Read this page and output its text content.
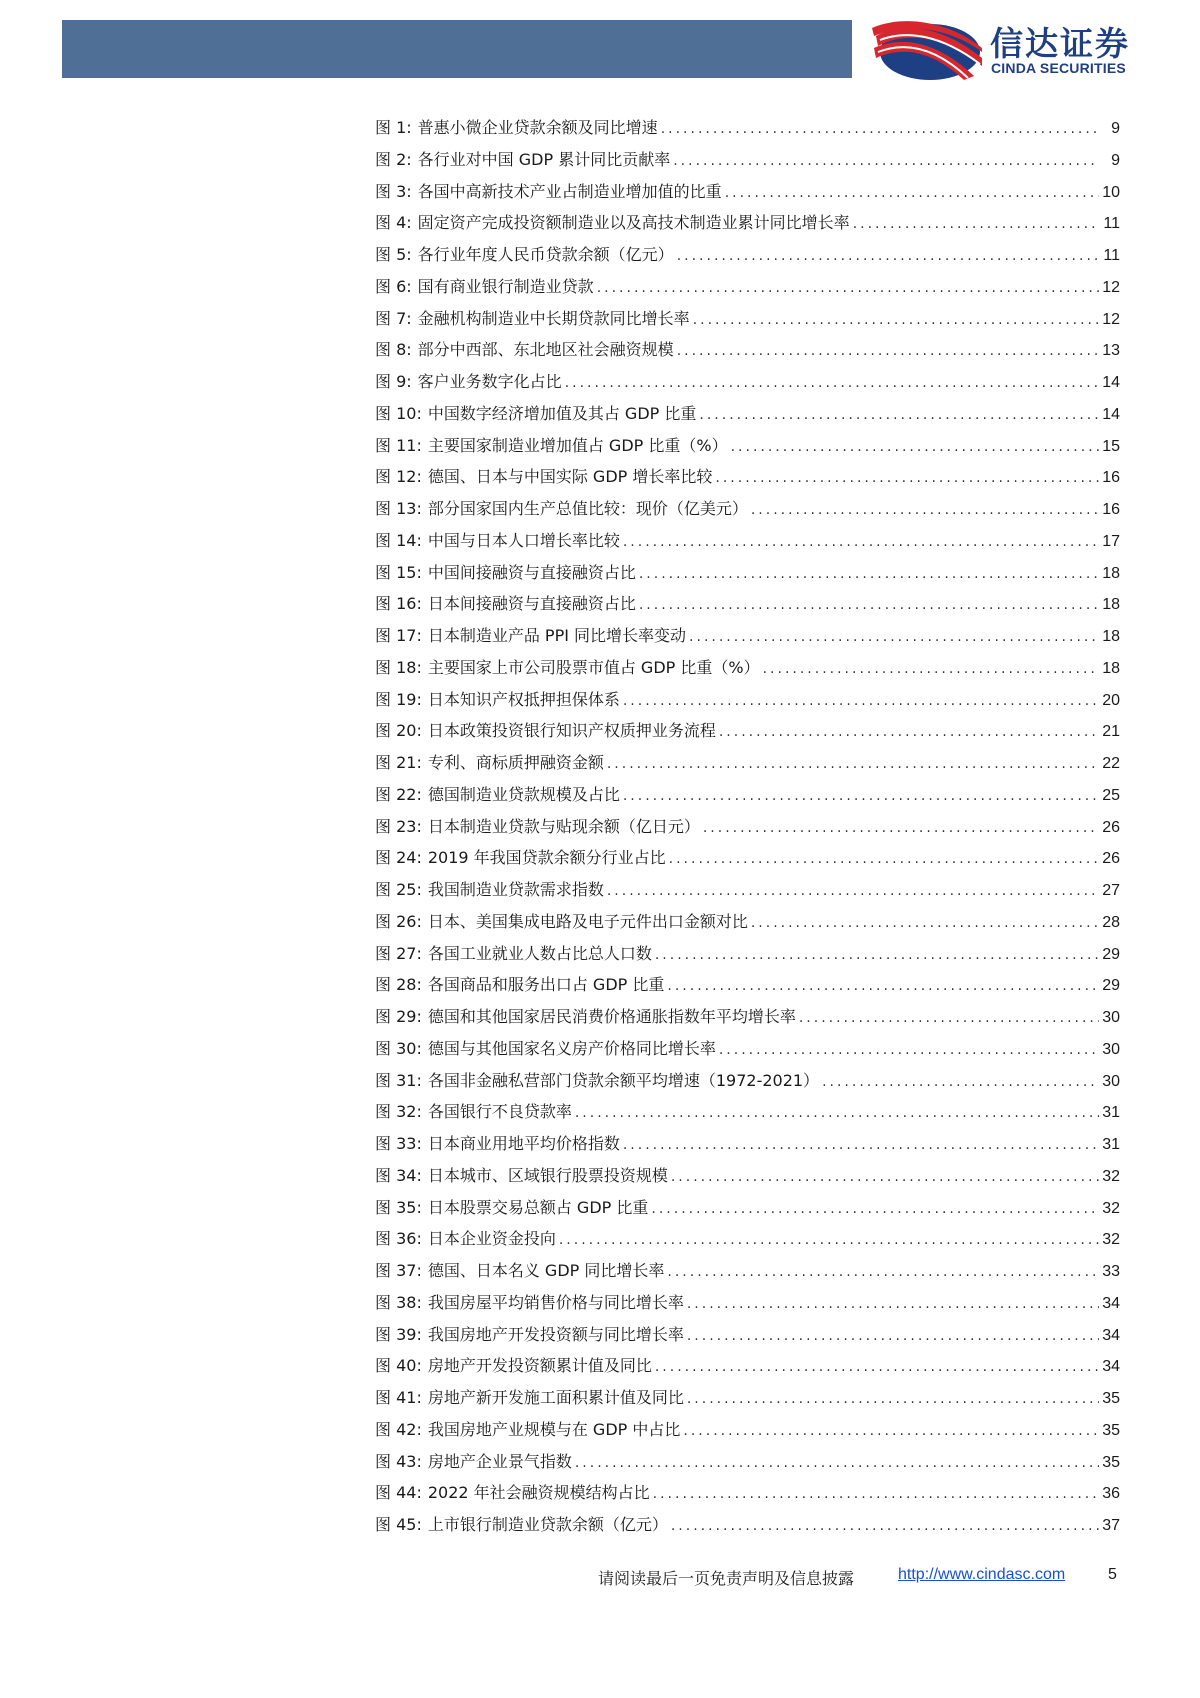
信达证券
CINDA SECURITIES
图 1: 普惠小微企业贷款余额及同比增速 .....	9
图 2: 各行业对中国 GDP 累计同比贡献率 .....	9
图 3: 各国中高新技术产业占制造业增加值的比重 .....	10
图 4: 固定资产完成投资额制造业以及高技术制造业累计同比增长率 .....	11
图 5: 各行业年度人民币贷款余额（亿元） .....	11
图 6: 国有商业银行制造业贷款 .....	12
图 7: 金融机构制造业中长期贷款同比增长率 .....	12
图 8: 部分中西部、东北地区社会融资规模 .....	13
图 9: 客户业务数字化占比 .....	14
图 10: 中国数字经济增加值及其占 GDP 比重 .....	14
图 11: 主要国家制造业增加值占 GDP 比重（%） .....	15
图 12: 德国、日本与中国实际 GDP 增长率比较 .....	16
图 13: 部分国家国内生产总值比较：现价（亿美元） .....	16
图 14: 中国与日本人口增长率比较 .....	17
图 15: 中国间接融资与直接融资占比 .....	18
图 16: 日本间接融资与直接融资占比 .....	18
图 17: 日本制造业产品 PPI 同比增长率变动 .....	18
图 18: 主要国家上市公司股票市值占 GDP 比重（%） .....	18
图 19: 日本知识产权抵押担保体系 .....	20
图 20: 日本政策投资银行知识产权质押业务流程 .....	21
图 21: 专利、商标质押融资金额 .....	22
图 22: 德国制造业贷款规模及占比 .....	25
图 23: 日本制造业贷款与贴现余额（亿日元） .....	26
图 24: 2019 年我国贷款余额分行业占比 .....	26
图 25: 我国制造业贷款需求指数 .....	27
图 26: 日本、美国集成电路及电子元件出口金额对比 .....	28
图 27: 各国工业就业人数占比总人口数 .....	29
图 28: 各国商品和服务出口占 GDP 比重 .....	29
图 29: 德国和其他国家居民消费价格通胀指数年平均增长率 .....	30
图 30: 德国与其他国家名义房产价格同比增长率 .....	30
图 31: 各国非金融私营部门贷款余额平均增速（1972-2021） .....	30
图 32: 各国银行不良贷款率 .....	31
图 33: 日本商业用地平均价格指数 .....	31
图 34: 日本城市、区域银行股票投资规模 .....	32
图 35: 日本股票交易总额占 GDP 比重 .....	32
图 36: 日本企业资金投向 .....	32
图 37: 德国、日本名义 GDP 同比增长率 .....	33
图 38: 我国房屋平均销售价格与同比增长率 .....	34
图 39: 我国房地产开发投资额与同比增长率 .....	34
图 40: 房地产开发投资额累计值及同比 .....	34
图 41: 房地产新开发施工面积累计值及同比 .....	35
图 42: 我国房地产业规模与在 GDP 中占比 .....	35
图 43: 房地产企业景气指数 .....	35
图 44: 2022 年社会融资规模结构占比 .....	36
图 45: 上市银行制造业贷款余额（亿元） .....	37
请阅读最后一页免责声明及信息披露	http://www.cindasc.com	5
